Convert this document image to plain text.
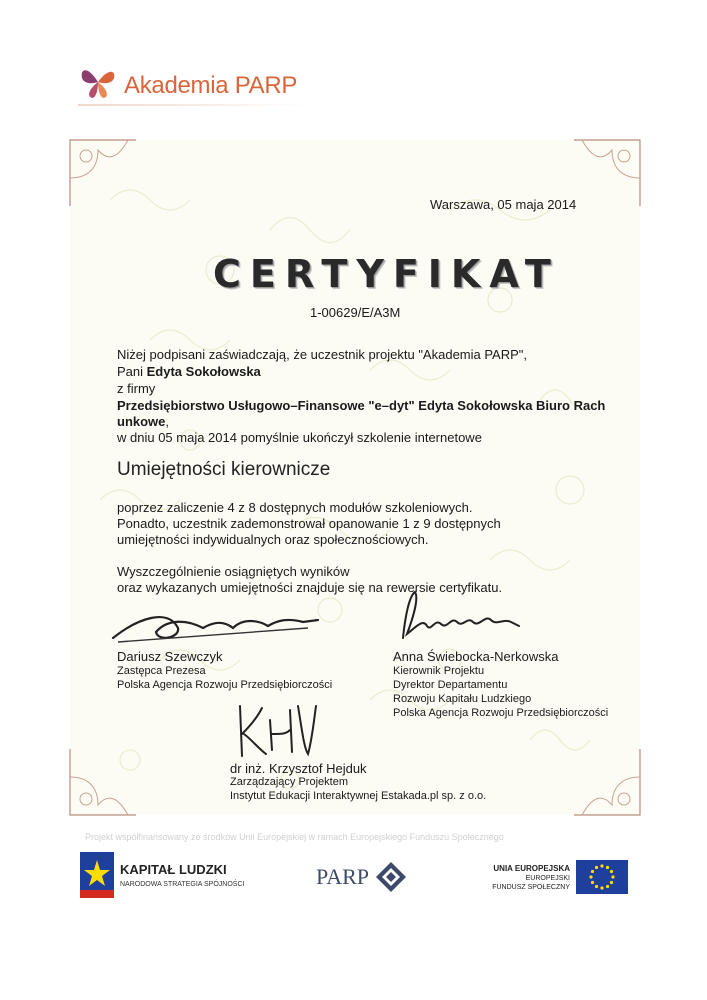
Akademia PARP
Warszawa, 05 maja 2014
CERTYFIKAT
1-00629/E/A3M
Niżej podpisani zaświadczają, że uczestnik projektu "Akademia PARP",
Pani Edyta Sokołowska
z firmy
Przedsiębiorstwo Usługowo–Finansowe "e–dyt" Edyta Sokołowska Biuro Rach
unkowe,
w dniu 05 maja 2014 pomyślnie ukończył szkolenie internetowe
Umiejętności kierownicze
poprzez zaliczenie 4 z 8 dostępnych modułów szkoleniowych.
Ponadto, uczestnik zademonstrował opanowanie 1 z 9 dostępnych
umiejętności indywidualnych oraz społecznościowych.
Wyszczególnienie osiągniętych wyników
oraz wykazanych umiejętności znajduje się na rewersie certyfikatu.
Dariusz Szewczyk
Zastępca Prezesa
Polska Agencja Rozwoju Przedsiębiorczości
Anna Świebocka-Nerkowska
Kierownik Projektu
Dyrektor Departamentu
Rozwoju Kapitału Ludzkiego
Polska Agencja Rozwoju Przedsiębiorczości
dr inż. Krzysztof Hejduk
Zarządzający Projektem
Instytut Edukacji Interaktywnej Estakada.pl sp. z o.o.
Projekt współfinansowany ze środków Unii Europejskiej w ramach Europejskiego Funduszu Społecznego
KAPITAŁ LUDZKI
NARODOWA STRATEGIA SPÓJNOŚCI	PARP	UNIA EUROPEJSKA
EUROPEJSKI
FUNDUSZ SPOŁECZNY
